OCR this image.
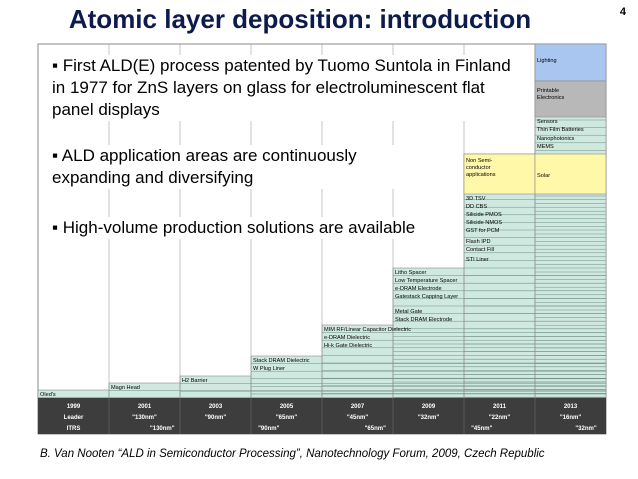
Atomic layer deposition: introduction	4
Oled's
Magn Head
H2 Barrier
Stack DRAM Dielectric
W Plug Liner
MIM RF/Linear Capacitor Dielectric
e-DRAM Dielectric
Hi-k Gate Dielectric
Litho Spacer
Low Temperature Spacer
e-DRAM Electrode
Gatestack Capping Layer
Metal Gate
Stack DRAM Electrode
3D TSV
DD CBS
Silicide PMOS
Silicide NMOS
GST for PCM
Flash IPD
Contact Fill
STI Liner
Non Semi-conductor applications	Solar
Sensors
Thin Film Batteries
Nanophotonics
MEMS
Printable Electronics
Lighting
1999	2001	2003	2005	2007	2009	2011	2013
Leader
ITRS
"130nm"	"90nm"	"65nm"	"45nm"	"32nm"	"22nm"	"16nm"
"130nm"	"90nm"	"65nm"	"45nm"	"32nm"
▪ First ALD(E) process patented by Tuomo Suntola in Finland in 1977 for ZnS layers on glass for electroluminescent flat panel displays
▪ ALD application areas are continuously expanding and diversifying
▪ High-volume production solutions are available
B. Van Nooten “ALD in Semiconductor Processing”, Nanotechnology Forum, 2009, Czech Republic
